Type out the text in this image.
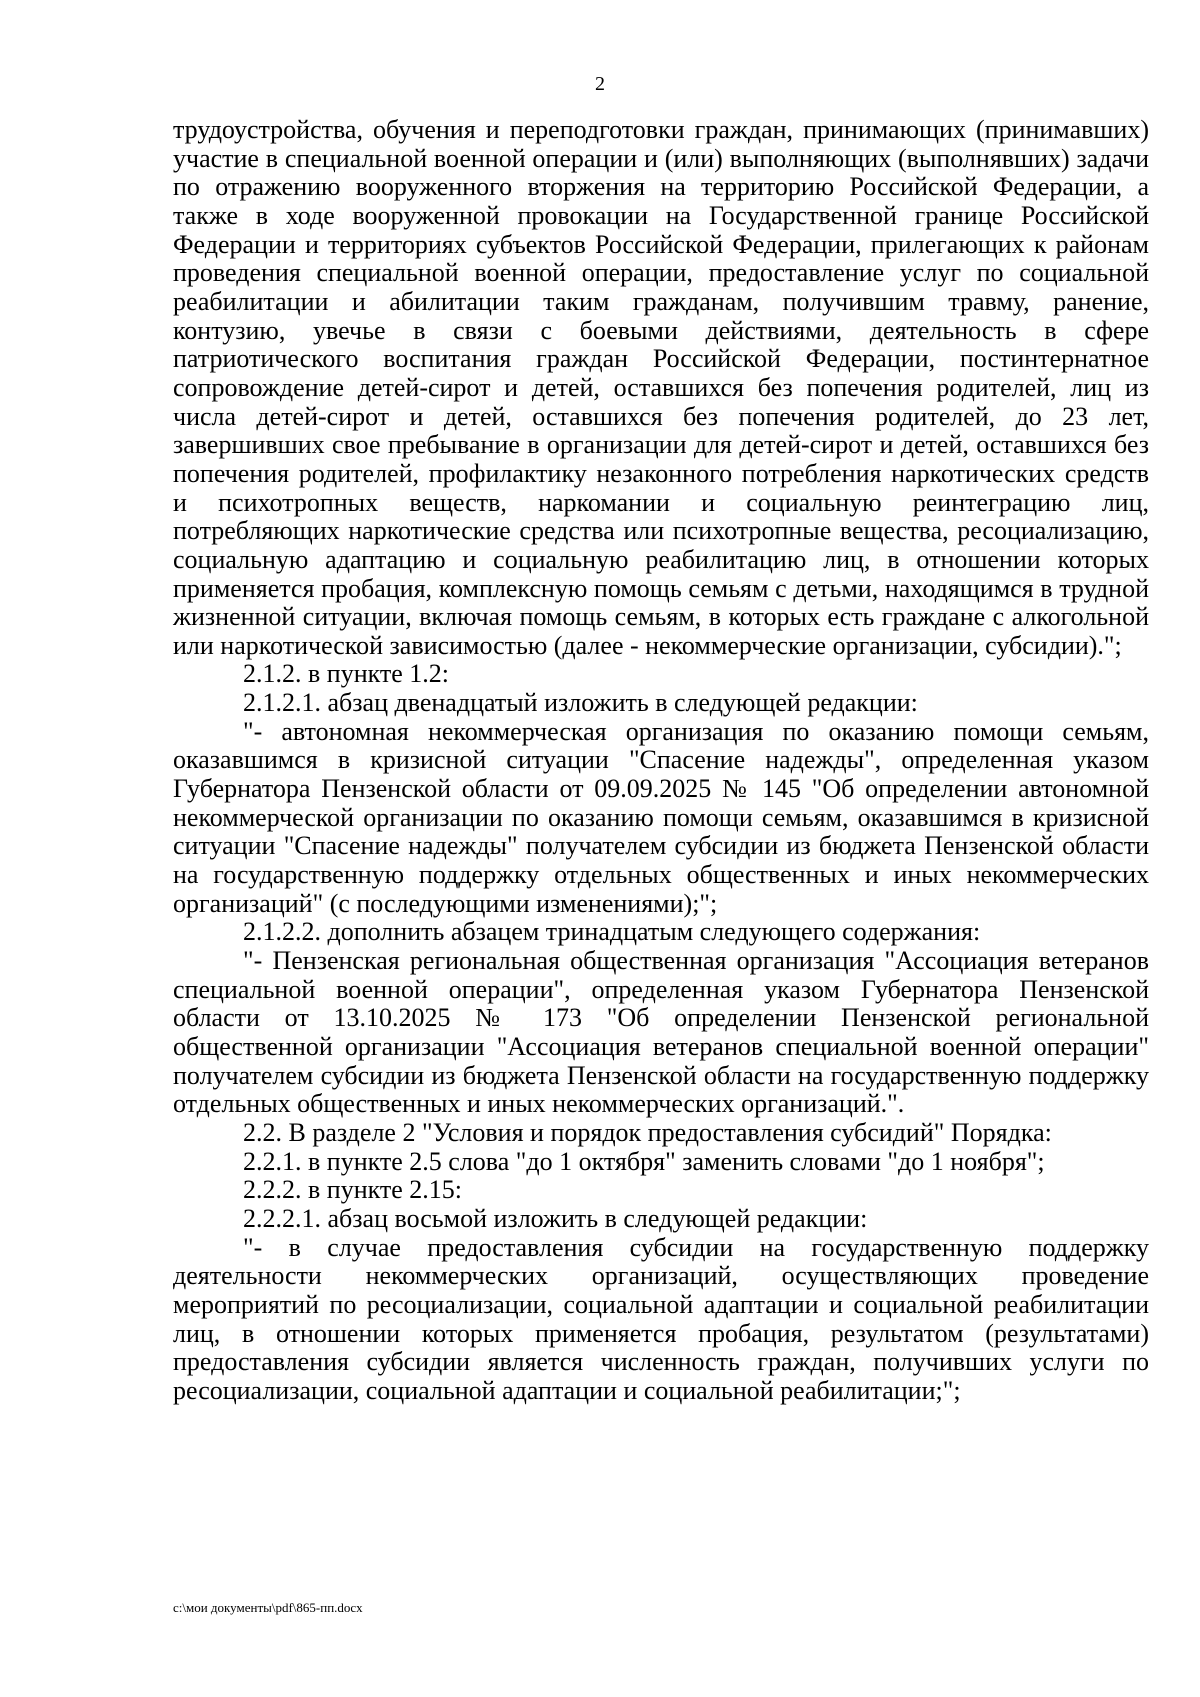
2

трудоустройства, обучения и переподготовки граждан, принимающих (принимавших) участие в специальной военной операции и (или) выполняющих (выполнявших) задачи по отражению вооруженного вторжения на территорию Российской Федерации, а также в ходе вооруженной провокации на Государственной границе Российской Федерации и территориях субъектов Российской Федерации, прилегающих к районам проведения специальной военной операции, предоставление услуг по социальной реабилитации и абилитации таким гражданам, получившим травму, ранение, контузию, увечье в связи с боевыми действиями, деятельность в сфере патриотического воспитания граждан Российской Федерации, постинтернатное сопровождение детей-сирот и детей, оставшихся без попечения родителей, лиц из числа детей-сирот и детей, оставшихся без попечения родителей, до 23 лет, завершивших свое пребывание в организации для детей-сирот и детей, оставшихся без попечения родителей, профилактику незаконного потребления наркотических средств и психотропных веществ, наркомании и социальную реинтеграцию лиц, потребляющих наркотические средства или психотропные вещества, ресоциализацию, социальную адаптацию и социальную реабилитацию лиц, в отношении которых применяется пробация, комплексную помощь семьям с детьми, находящимся в трудной жизненной ситуации, включая помощь семьям, в которых есть граждане с алкогольной или наркотической зависимостью (далее - некоммерческие организации, субсидии).";

2.1.2. в пункте 1.2:

2.1.2.1. абзац двенадцатый изложить в следующей редакции:

"- автономная некоммерческая организация по оказанию помощи семьям, оказавшимся в кризисной ситуации "Спасение надежды", определенная указом Губернатора Пензенской области от 09.09.2025 № 145 "Об определении автономной некоммерческой организации по оказанию помощи семьям, оказавшимся в кризисной ситуации "Спасение надежды" получателем субсидии из бюджета Пензенской области на государственную поддержку отдельных общественных и иных некоммерческих организаций" (с последующими изменениями);";

2.1.2.2. дополнить абзацем тринадцатым следующего содержания:

"- Пензенская региональная общественная организация "Ассоциация ветеранов специальной военной операции", определенная указом Губернатора Пензенской области от 13.10.2025 № 173 "Об определении Пензенской региональной общественной организации "Ассоциация ветеранов специальной военной операции" получателем субсидии из бюджета Пензенской области на государственную поддержку отдельных общественных и иных некоммерческих организаций.".

2.2. В разделе 2 "Условия и порядок предоставления субсидий" Порядка:

2.2.1. в пункте 2.5 слова "до 1 октября" заменить словами "до 1 ноября";

2.2.2. в пункте 2.15:

2.2.2.1. абзац восьмой изложить в следующей редакции:

"- в случае предоставления субсидии на государственную поддержку деятельности некоммерческих организаций, осуществляющих проведение мероприятий по ресоциализации, социальной адаптации и социальной реабилитации лиц, в отношении которых применяется пробация, результатом (результатами) предоставления субсидии является численность граждан, получивших услуги по ресоциализации, социальной адаптации и социальной реабилитации;";

c:\мои документы\pdf\865-пп.docx
